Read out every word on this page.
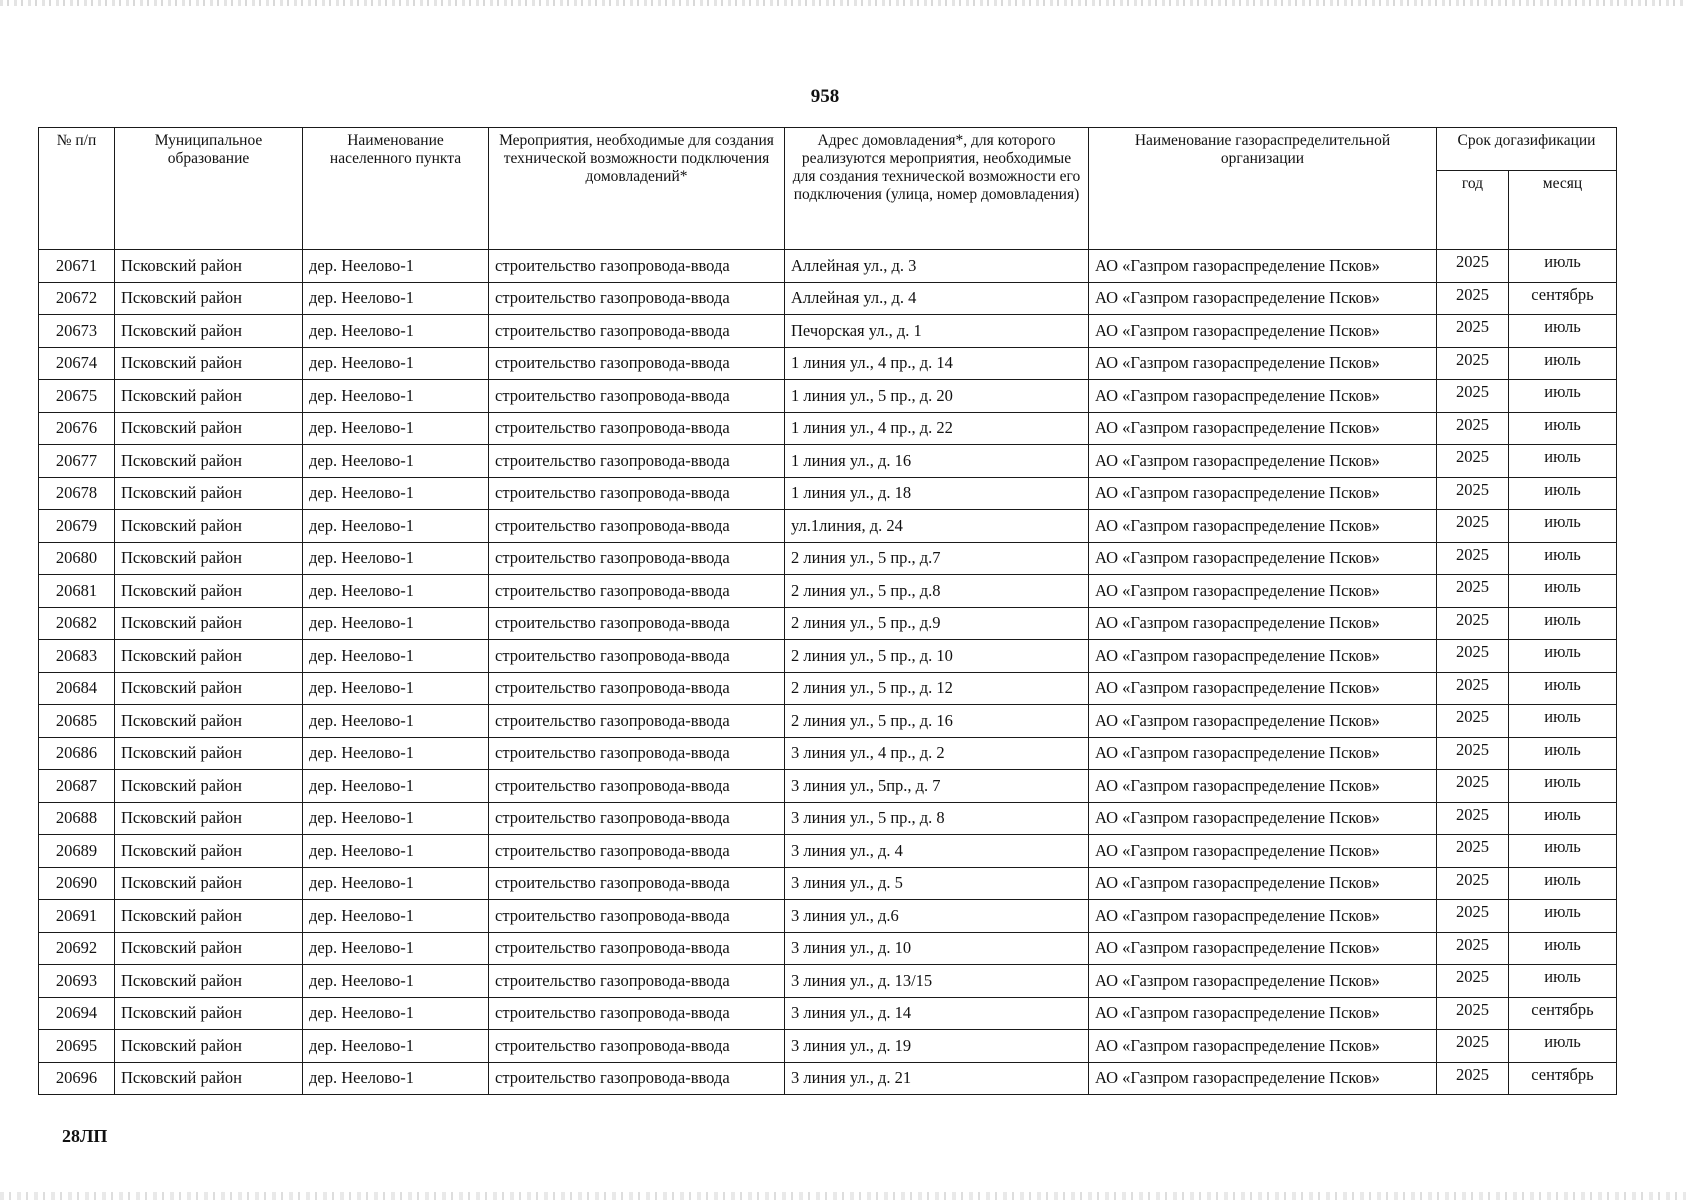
958
№ п/п	Муниципальное образование	Наименование населенного пункта	Мероприятия, необходимые для создания технической возможности подключения домовладений*	Адрес домовладения*, для которого реализуются мероприятия, необходимые для создания технической возможности его подключения (улица, номер домовладения)	Наименование газораспределительной организации	Срок догазификации	
						год	месяц
20671	Псковский район	дер. Неелово-1	строительство газопровода-ввода	Аллейная ул., д. 3	АО «Газпром газораспределение Псков»	2025	июль
20672	Псковский район	дер. Неелово-1	строительство газопровода-ввода	Аллейная ул., д. 4	АО «Газпром газораспределение Псков»	2025	сентябрь
20673	Псковский район	дер. Неелово-1	строительство газопровода-ввода	Печорская ул., д. 1	АО «Газпром газораспределение Псков»	2025	июль
20674	Псковский район	дер. Неелово-1	строительство газопровода-ввода	1 линия ул., 4 пр., д. 14	АО «Газпром газораспределение Псков»	2025	июль
20675	Псковский район	дер. Неелово-1	строительство газопровода-ввода	1 линия ул., 5 пр., д. 20	АО «Газпром газораспределение Псков»	2025	июль
20676	Псковский район	дер. Неелово-1	строительство газопровода-ввода	1 линия ул., 4 пр., д. 22	АО «Газпром газораспределение Псков»	2025	июль
20677	Псковский район	дер. Неелово-1	строительство газопровода-ввода	1 линия ул., д. 16	АО «Газпром газораспределение Псков»	2025	июль
20678	Псковский район	дер. Неелово-1	строительство газопровода-ввода	1 линия ул., д. 18	АО «Газпром газораспределение Псков»	2025	июль
20679	Псковский район	дер. Неелово-1	строительство газопровода-ввода	ул.1линия, д. 24	АО «Газпром газораспределение Псков»	2025	июль
20680	Псковский район	дер. Неелово-1	строительство газопровода-ввода	2 линия ул., 5 пр., д.7	АО «Газпром газораспределение Псков»	2025	июль
20681	Псковский район	дер. Неелово-1	строительство газопровода-ввода	2 линия ул., 5 пр., д.8	АО «Газпром газораспределение Псков»	2025	июль
20682	Псковский район	дер. Неелово-1	строительство газопровода-ввода	2 линия ул., 5 пр., д.9	АО «Газпром газораспределение Псков»	2025	июль
20683	Псковский район	дер. Неелово-1	строительство газопровода-ввода	2 линия ул., 5 пр., д. 10	АО «Газпром газораспределение Псков»	2025	июль
20684	Псковский район	дер. Неелово-1	строительство газопровода-ввода	2 линия ул., 5 пр., д. 12	АО «Газпром газораспределение Псков»	2025	июль
20685	Псковский район	дер. Неелово-1	строительство газопровода-ввода	2 линия ул., 5 пр., д. 16	АО «Газпром газораспределение Псков»	2025	июль
20686	Псковский район	дер. Неелово-1	строительство газопровода-ввода	3 линия ул., 4 пр., д. 2	АО «Газпром газораспределение Псков»	2025	июль
20687	Псковский район	дер. Неелово-1	строительство газопровода-ввода	3 линия ул., 5пр., д. 7	АО «Газпром газораспределение Псков»	2025	июль
20688	Псковский район	дер. Неелово-1	строительство газопровода-ввода	3 линия ул., 5 пр., д. 8	АО «Газпром газораспределение Псков»	2025	июль
20689	Псковский район	дер. Неелово-1	строительство газопровода-ввода	3 линия ул., д. 4	АО «Газпром газораспределение Псков»	2025	июль
20690	Псковский район	дер. Неелово-1	строительство газопровода-ввода	3 линия ул., д. 5	АО «Газпром газораспределение Псков»	2025	июль
20691	Псковский район	дер. Неелово-1	строительство газопровода-ввода	3 линия ул., д.6	АО «Газпром газораспределение Псков»	2025	июль
20692	Псковский район	дер. Неелово-1	строительство газопровода-ввода	3 линия ул., д. 10	АО «Газпром газораспределение Псков»	2025	июль
20693	Псковский район	дер. Неелово-1	строительство газопровода-ввода	3 линия ул., д. 13/15	АО «Газпром газораспределение Псков»	2025	июль
20694	Псковский район	дер. Неелово-1	строительство газопровода-ввода	3 линия ул., д. 14	АО «Газпром газораспределение Псков»	2025	сентябрь
20695	Псковский район	дер. Неелово-1	строительство газопровода-ввода	3 линия ул., д. 19	АО «Газпром газораспределение Псков»	2025	июль
20696	Псковский район	дер. Неелово-1	строительство газопровода-ввода	3 линия ул., д. 21	АО «Газпром газораспределение Псков»	2025	сентябрь
28ЛП
